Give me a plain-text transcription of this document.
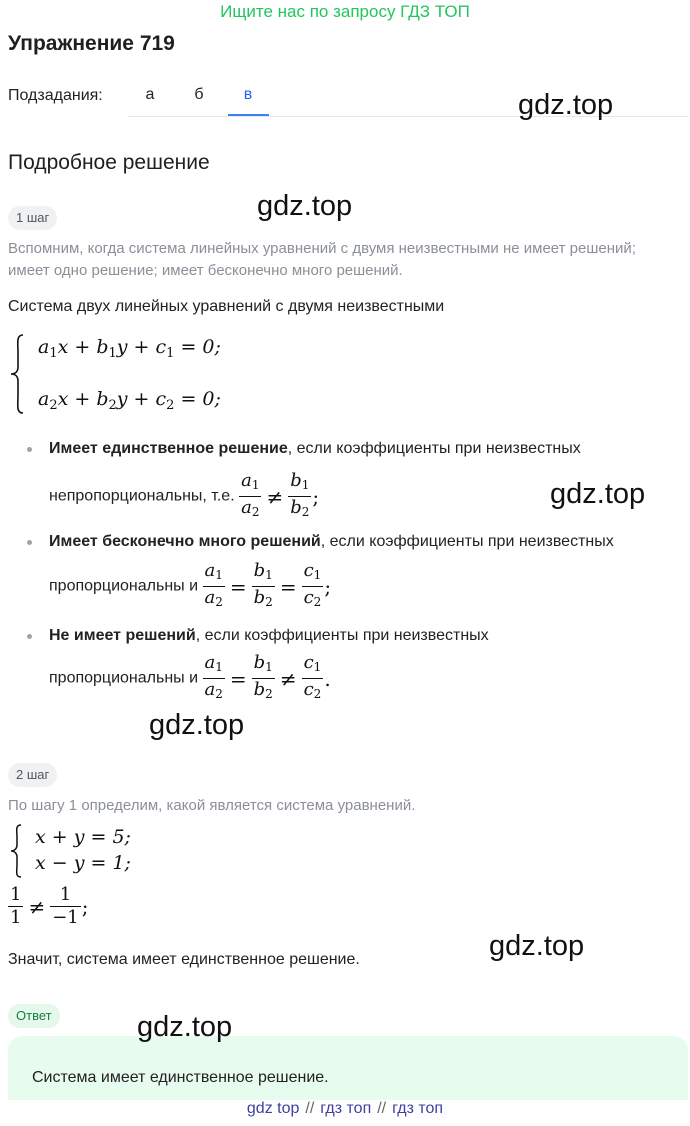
Ищите нас по запросу ГДЗ ТОП
Упражнение 719
Подзадания:	а	б	в	gdz.top
Подробное решение
1 шаг	gdz.top
Вспомним, когда система линейных уравнений с двумя неизвестными не имеет решений; имеет одно решение; имеет бесконечно много решений.
Система двух линейных уравнений с двумя неизвестными
$a_1x + b_1y + c_1 = 0$;
$a_2x + b_2y + c_2 = 0$;
Имеет единственное решение, если коэффициенты при неизвестных
непропорциональны, т.е. $\frac{a_1}{a_2} \ne \frac{b_1}{b_2}$ ;	gdz.top
Имеет бесконечно много решений, если коэффициенты при неизвестных
пропорциональны и $\frac{a_1}{a_2} = \frac{b_1}{b_2} = \frac{c_1}{c_2}$ ;
Не имеет решений, если коэффициенты при неизвестных
пропорциональны и $\frac{a_1}{a_2} = \frac{b_1}{b_2} \ne \frac{c_1}{c_2}$ .
gdz.top
2 шаг
По шагу 1 определим, какой является система уравнений.
x + y = 5;
x − y = 1;
$\frac{1}{1} \ne \frac{1}{-1}$ ;
Значит, система имеет единственное решение.	gdz.top
Ответ	gdz.top
Система имеет единственное решение.
gdz top // гдз топ // гдз топ
